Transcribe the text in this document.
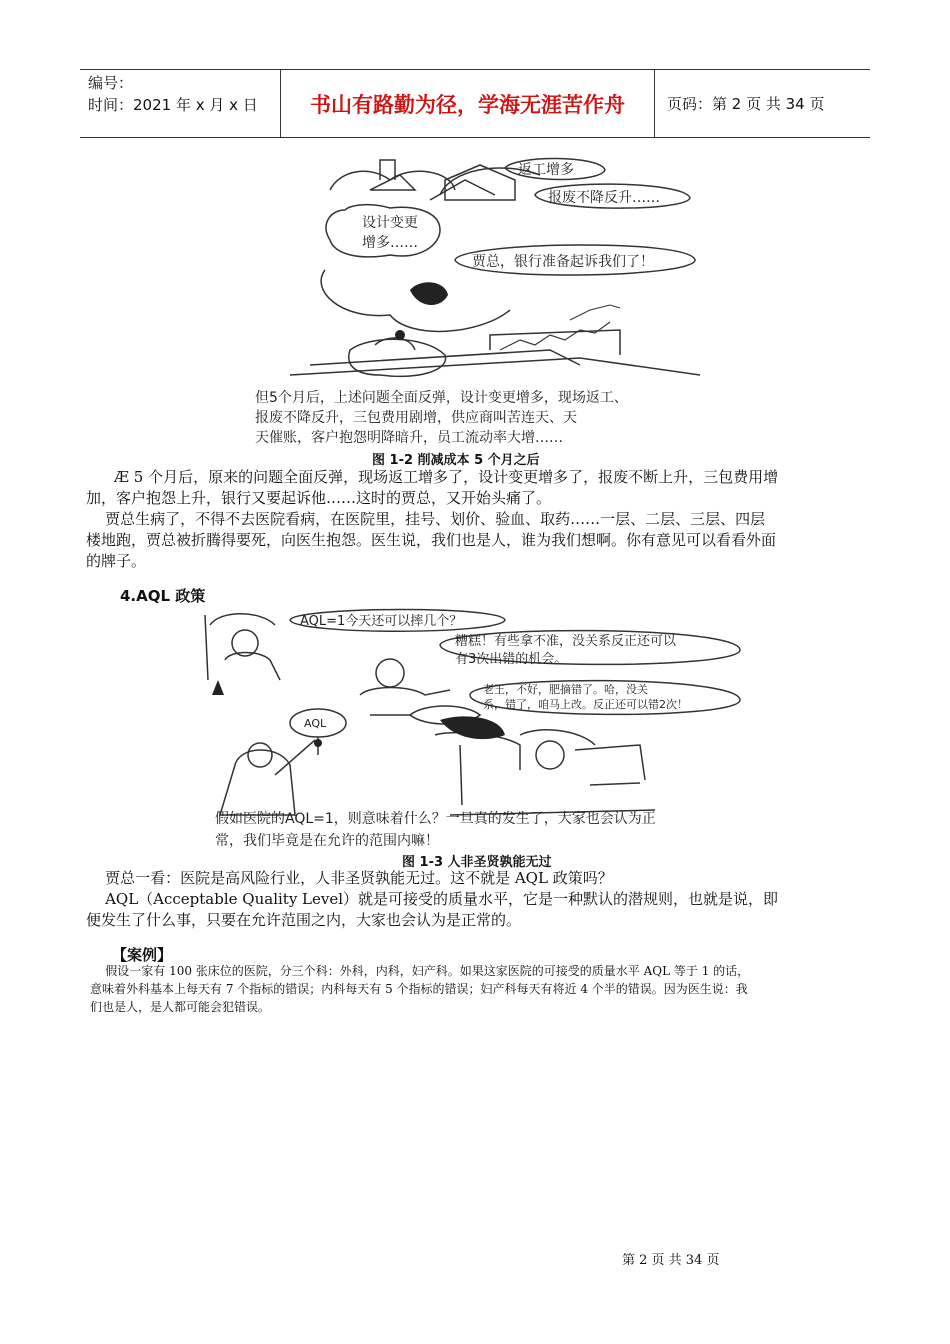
编号：
时间：2021 年 x 月 x 日	书山有路勤为径，学海无涯苦作舟	页码：第 2 页 共 34 页
返工增多
报废不降反升……
设计变更
增多……
贾总，银行准备起诉我们了！
但5个月后，上述问题全面反弹，设计变更增多，现场返工、
报废不降反升，三包费用剧增，供应商叫苦连天、天
天催账，客户抱怨明降暗升，员工流动率大增……
图 1-2 削减成本 5 个月之后
Æ 5 个月后，原来的问题全面反弹，现场返工增多了，设计变更增多了，报废不断上升，三包费用增
加，客户抱怨上升，银行又要起诉他……这时的贾总，又开始头痛了。
贾总生病了，不得不去医院看病，在医院里，挂号、划价、验血、取药……一层、二层、三层、四层
楼地跑，贾总被折腾得要死，向医生抱怨。医生说，我们也是人，谁为我们想啊。你有意见可以看看外面
的牌子。
4.AQL 政策
AQL=1今天还可以摔几个？
糟糕！有些拿不准，没关系反正还可以
有3次出错的机会。
老王，不好，肥摘错了。哈，没关
系，错了，咱马上改。反正还可以错2次！
AQL
假如医院的AQL=1，则意味着什么？一旦真的发生了，大家也会认为正
常，我们毕竟是在允许的范围内嘛！
图 1-3 人非圣贤孰能无过
贾总一看：医院是高风险行业，人非圣贤孰能无过。这不就是 AQL 政策吗？
AQL（Acceptable Quality Level）就是可接受的质量水平，它是一种默认的潜规则，也就是说，即
便发生了什么事，只要在允许范围之内，大家也会认为是正常的。
【案例】
假设一家有 100 张床位的医院，分三个科：外科，内科，妇产科。如果这家医院的可接受的质量水平 AQL 等于 1 的话，
意味着外科基本上每天有 7 个指标的错误；内科每天有 5 个指标的错误；妇产科每天有将近 4 个半的错误。因为医生说：我
们也是人，是人都可能会犯错误。
第 2 页 共 34 页
